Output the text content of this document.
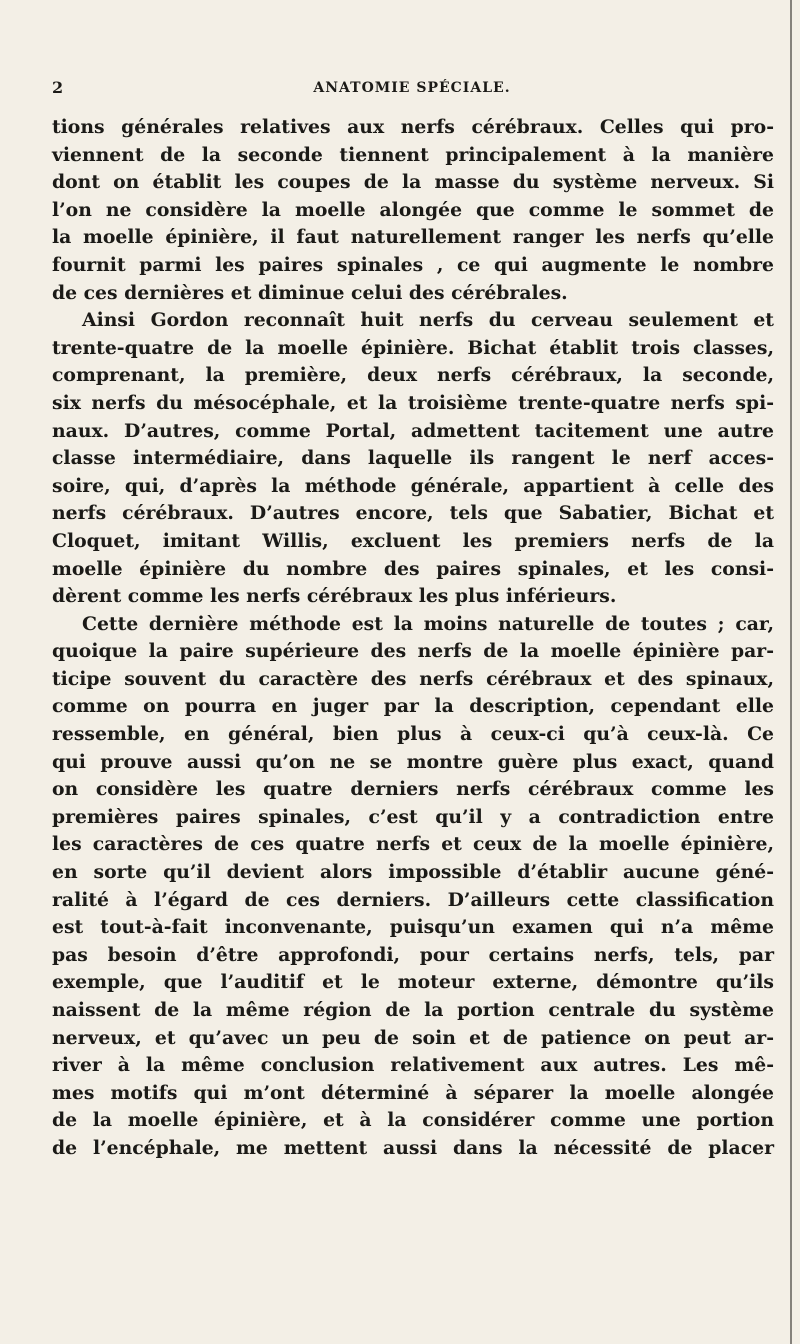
2	ANATOMIE SPÉCIALE.
tions générales relatives aux nerfs cérébraux. Celles qui pro-
viennent de la seconde tiennent principalement à la manière
dont on établit les coupes de la masse du système nerveux. Si
l’on ne considère la moelle alongée que comme le sommet de
la moelle épinière, il faut naturellement ranger les nerfs qu’elle
fournit parmi les paires spinales , ce qui augmente le nombre
de ces dernières et diminue celui des cérébrales.
Ainsi Gordon reconnaît huit nerfs du cerveau seulement et
trente-quatre de la moelle épinière. Bichat établit trois classes,
comprenant, la première, deux nerfs cérébraux, la seconde,
six nerfs du mésocéphale, et la troisième trente-quatre nerfs spi-
naux. D’autres, comme Portal, admettent tacitement une autre
classe intermédiaire, dans laquelle ils rangent le nerf acces-
soire, qui, d’après la méthode générale, appartient à celle des
nerfs cérébraux. D’autres encore, tels que Sabatier, Bichat et
Cloquet, imitant Willis, excluent les premiers nerfs de la
moelle épinière du nombre des paires spinales, et les consi-
dèrent comme les nerfs cérébraux les plus inférieurs.
Cette dernière méthode est la moins naturelle de toutes ; car,
quoique la paire supérieure des nerfs de la moelle épinière par-
ticipe souvent du caractère des nerfs cérébraux et des spinaux,
comme on pourra en juger par la description, cependant elle
ressemble, en général, bien plus à ceux-ci qu’à ceux-là. Ce
qui prouve aussi qu’on ne se montre guère plus exact, quand
on considère les quatre derniers nerfs cérébraux comme les
premières paires spinales, c’est qu’il y a contradiction entre
les caractères de ces quatre nerfs et ceux de la moelle épinière,
en sorte qu’il devient alors impossible d’établir aucune géné-
ralité à l’égard de ces derniers. D’ailleurs cette classification
est tout-à-fait inconvenante, puisqu’un examen qui n’a même
pas besoin d’être approfondi, pour certains nerfs, tels, par
exemple, que l’auditif et le moteur externe, démontre qu’ils
naissent de la même région de la portion centrale du système
nerveux, et qu’avec un peu de soin et de patience on peut ar-
river à la même conclusion relativement aux autres. Les mê-
mes motifs qui m’ont déterminé à séparer la moelle alongée
de la moelle épinière, et à la considérer comme une portion
de l’encéphale, me mettent aussi dans la nécessité de placer
